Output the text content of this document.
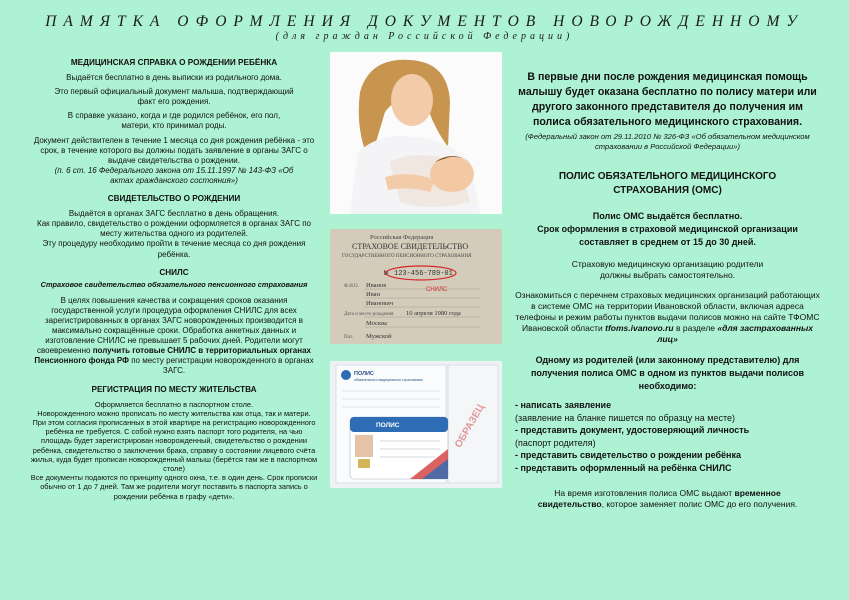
ПАМЯТКА ОФОРМЛЕНИЯ ДОКУМЕНТОВ НОВОРОЖДЕННОМУ
(для граждан Российской Федерации)
МЕДИЦИНСКАЯ СПРАВКА О РОЖДЕНИИ РЕБЁНКА

Выдаётся бесплатно в день выписки из родильного дома.

Это первый официальный документ малыша, подтверждающий факт его рождения.

В справке указано, когда и где родился ребёнок, его пол, матери, кто принимал роды.

Документ действителен в течение 1 месяца со дня рождения ребёнка - это срок, в течение которого вы должны подать заявление в органы ЗАГС о выдаче свидетельства о рождении.

(п. 6 ст. 16 Федерального закона от 15.11.1997 № 143-ФЗ «Об актах гражданского состояния»)

СВИДЕТЕЛЬСТВО О РОЖДЕНИИ

Выдаётся в органах ЗАГС бесплатно в день обращения.

Как правило, свидетельство о рождении оформляется в органах ЗАГС по месту жительства одного из родителей.

Эту процедуру необходимо пройти в течение месяца со дня рождения ребёнка.

СНИЛС

Страховое свидетельство обязательного пенсионного страхования

В целях повышения качества и сокращения сроков оказания государственной услуги процедура оформления СНИЛС для всех зарегистрированных в органах ЗАГС новорожденных производится в максимально сокращённые сроки. Обработка анкетных данных и изготовление СНИЛС не превышает 5 рабочих дней. Родители могут своевременно получить готовые СНИЛС в территориальных органах Пенсионного фонда РФ по месту регистрации новорожденного в органах ЗАГС.

РЕГИСТРАЦИЯ ПО МЕСТУ ЖИТЕЛЬСТВА

Оформляется бесплатно в паспортном столе.

Новорожденного можно прописать по месту жительства как отца, так и матери. При этом согласия прописанных в этой квартире на регистрацию новорожденного ребёнка не требуется. С собой нужно взять паспорт того родителя, на чью площадь будет зарегистрирован новорожденный, свидетельство о рождении ребёнка, свидетельство о заключении брака, справку о состоянии лицевого счёта жилья, куда будет прописан новорожденный малыш (берётся там же в паспортном столе)

Все документы подаются по принципу одного окна, т.е. в один день. Срок прописки обычно от 1 до 7 дней. Там же родители могут поставить в паспорта запись о рождении ребёнка в графу «дети».

Российская Федерация
СТРАХОВОЕ СВИДЕТЕЛЬСТВО
ГОСУДАРСТВЕННОГО ПЕНСИОННОГО СТРАХОВАНИЯ
№ 123-456-789-01
СНИЛС
Ф.И.О. Иванов
Иван
Иванович
Дата и место рождения 10 апреля 1980 года
Москва
Пол Мужской
ПОЛИС
обязательного медицинского страхования
ОБРАЗЕЦ
ПОЛИС

В первые дни после рождения медицинская помощь малышу будет оказана бесплатно по полису матери или другого законного представителя до получения им полиса обязательного медицинского страхования.

(Федеральный закон от 29.11.2010 № 326-ФЗ «Об обязательном медицинском страховании в Российской Федерации»)

ПОЛИС ОБЯЗАТЕЛЬНОГО МЕДИЦИНСКОГО СТРАХОВАНИЯ (ОМС)

Полис ОМС выдаётся бесплатно.
Срок оформления в страховой медицинской организации составляет в среднем от 15 до 30 дней.

Страховую медицинскую организацию родители должны выбрать самостоятельно.

Ознакомиться с перечнем страховых медицинских организаций работающих в системе ОМС на территории Ивановской области, включая адреса телефоны и режим работы пунктов выдачи полисов можно на сайте ТФОМС Ивановской области tfoms.ivanovo.ru в разделе «для застрахованных лиц»

Одному из родителей (или законному представителю) для получения полиса ОМС в одном из пунктов выдачи полисов необходимо:

- написать заявление
(заявление на бланке пишется по образцу на месте)
- представить документ, удостоверяющий личность
(паспорт родителя)
- представить свидетельство о рождении ребёнка
- представить оформленный на ребёнка СНИЛС

На время изготовления полиса ОМС выдают временное свидетельство, которое заменяет полис ОМС до его получения.
